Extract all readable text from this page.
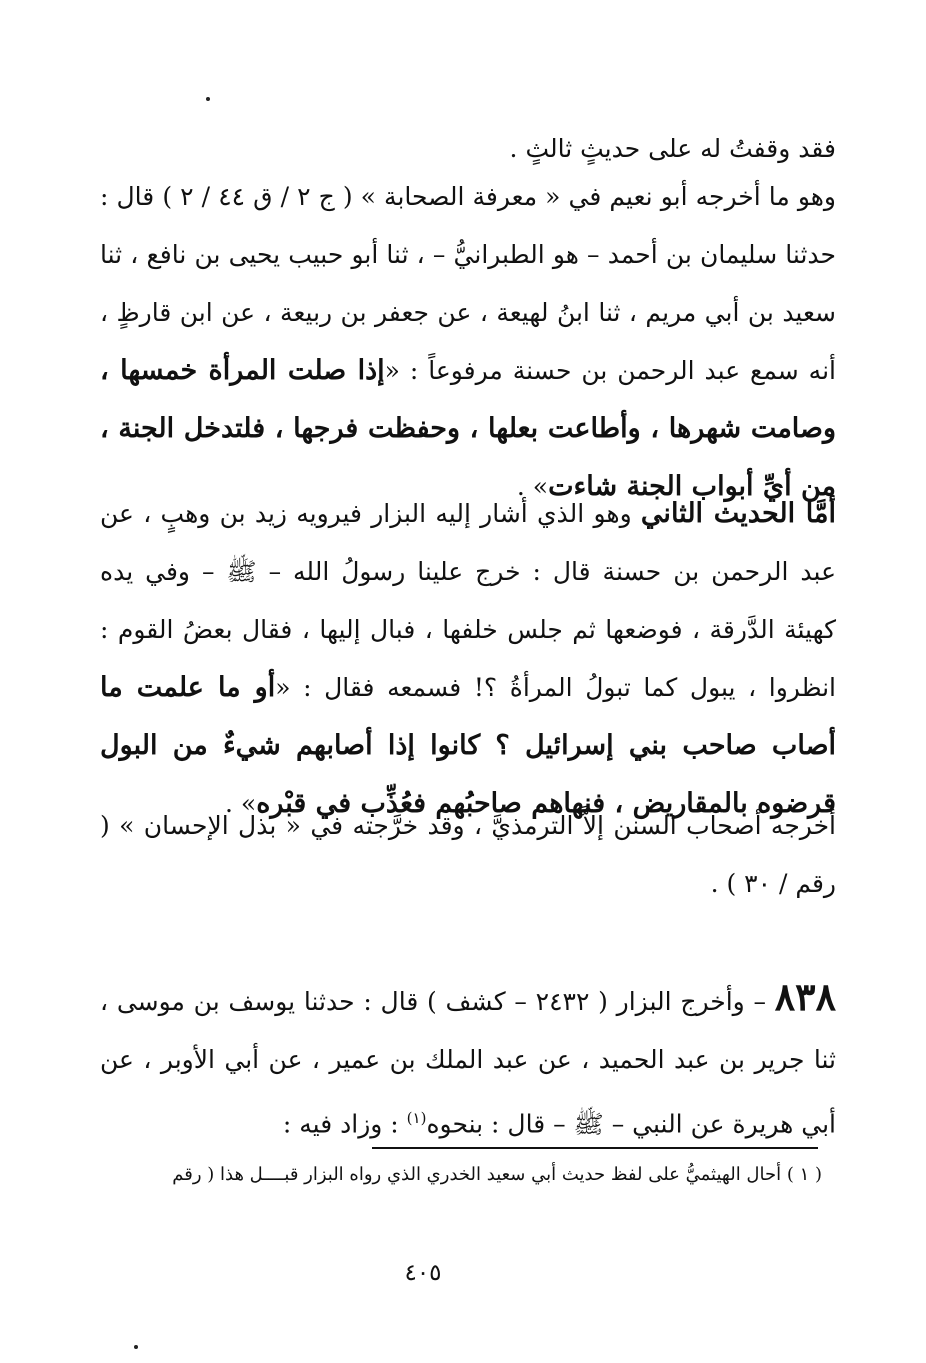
فقد وقفتُ له على حديثٍ ثالثٍ .

وهو ما أخرجه أبو نعيم في « معرفة الصحابة » ( ج ٢ / ق ٤٤ / ٢ ) قال : حدثنا سليمان بن أحمد – هو الطبرانيُّ – ، ثنا أبو حبيب يحيى بن نافع ، ثنا سعيد بن أبي مريم ، ثنا ابنُ لهيعة ، عن جعفر بن ربيعة ، عن ابن قارظٍ ، أنه سمع عبد الرحمن بن حسنة مرفوعاً : «إذا صلت المرأة خمسها ، وصامت شهرها ، وأطاعت بعلها ، وحفظت فرجها ، فلتدخل الجنة ، من أيِّ أبواب الجنة شاءت» .

أمَّا الحديث الثاني وهو الذي أشار إليه البزار فيرويه زيد بن وهبٍ ، عن عبد الرحمن بن حسنة قال : خرج علينا رسولُ الله – ﷺ – وفي يده كهيئة الدَّرقة ، فوضعها ثم جلس خلفها ، فبال إليها ، فقال بعضُ القوم : انظروا ، يبول كما تبولُ المرأةُ ؟! فسمعه فقال : «أو ما علمت ما أصاب صاحب بني إسرائيل ؟ كانوا إذا أصابهم شيءٌ من البول قرضوه بالمقاريض ، فنهاهم صاحبُهم فعُذِّب في قبْره» .

أخرجه أصحاب السنن إلاَّ الترمذيَّ ، وقد خرَّجته في « بذل الإحسان » ( رقم / ٣٠ ) .

٨٣٨ – وأخرج البزار ( ٢٤٣٢ – كشف ) قال : حدثنا يوسف بن موسى ، ثنا جرير بن عبد الحميد ، عن عبد الملك بن عمير ، عن أبي الأوبر ، عن أبي هريرة عن النبي – ﷺ – قال : بنحوه$^{(١)}$ : وزاد فيه :

( ١ ) أحال الهيثميُّ على لفظ حديث أبي سعيد الخدري الذي رواه البزار قبــــل هذا ( رقم

٤٠٥
